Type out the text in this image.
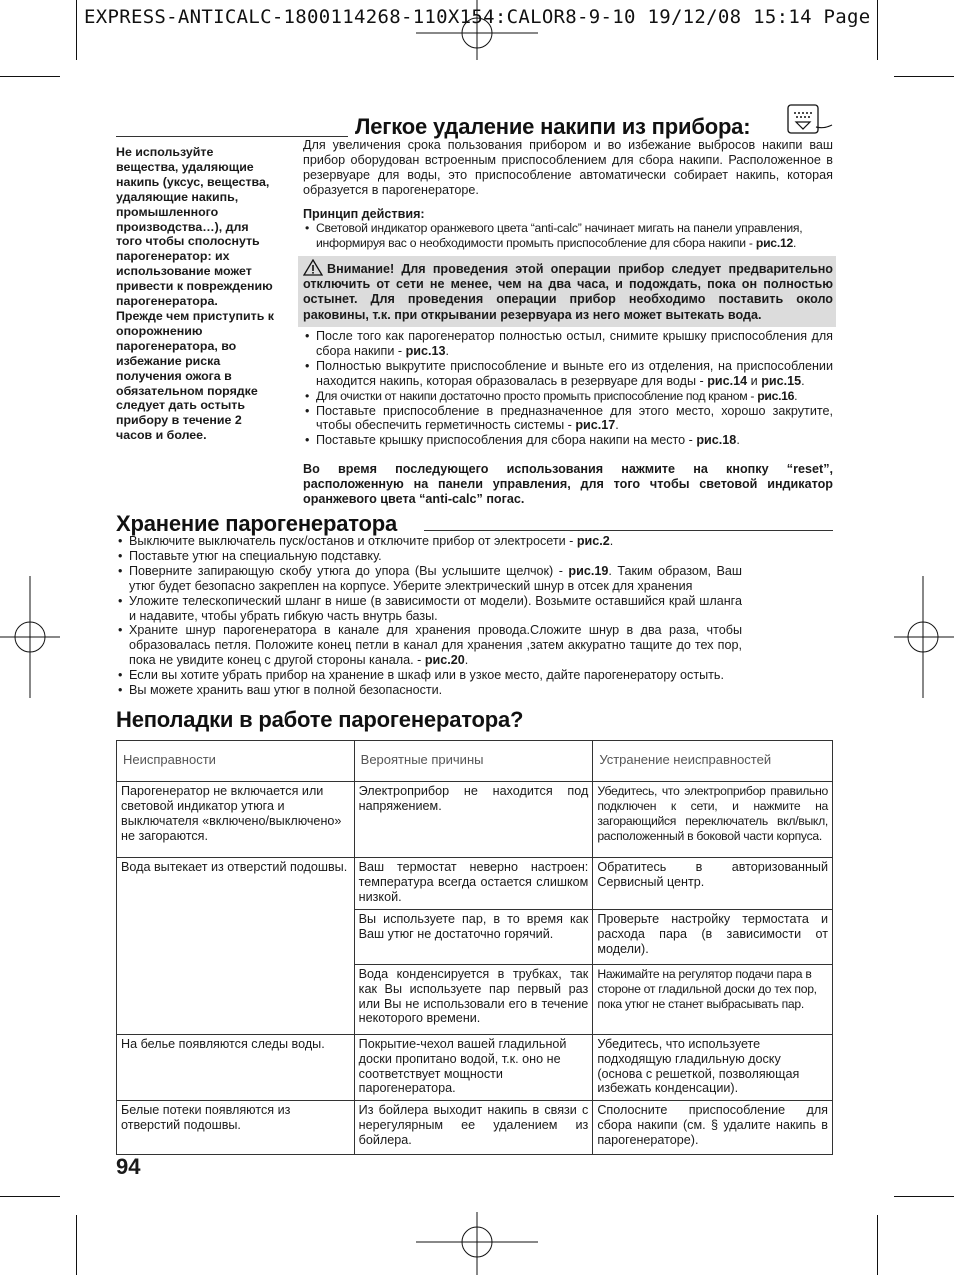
EXPRESS-ANTICALC-1800114268-110X154:CALOR8-9-10 19/12/08 15:14 Page
Не используйте
вещества, удаляющие
накипь (уксус, вещества,
удаляющие накипь,
промышленного
производства…), для
того чтобы сполоснуть
парогенератор: их
использование может
привести к повреждению
парогенератора.
Прежде чем приступить к
опорожнению
парогенератора, во
избежание риска
получения ожога в
обязательном порядке
следует дать остыть
прибору в течение 2
часов и более.
Легкое удаление накипи из прибора:
Для увеличения срока пользования прибором и во избежание выбросов накипи ваш прибор оборудован встроенным приспособлением для сбора накипи. Расположенное в резервуаре для воды, это приспособление автоматически собирает накипь, которая образуется в парогенераторе.
Принцип действия:
• Световой индикатор оранжевого цвета “anti-calc” начинает мигать на панели управления, информируя вас о необходимости промыть приспособление для сбора накипи - рис.12.
Внимание! Для проведения этой операции прибор следует предварительно отключить от сети не менее, чем на два часа, и подождать, пока он полностью остынет. Для проведения операции прибор необходимо поставить около раковины, т.к. при открывании резервуара из него может вытекать вода.
• После того как парогенератор полностью остыл, снимите крышку приспособления для сбора накипи - рис.13.
• Полностью выкрутите приспособление и выньте его из отделения, на приспособлении находится накипь, которая образовалась в резервуаре для воды - рис.14 и рис.15.
• Для очистки от накипи достаточно просто промыть приспособление под краном - рис.16.
• Поставьте приспособление в предназначенное для этого место, хорошо закрутите, чтобы обеспечить герметичность системы - рис.17.
• Поставьте крышку приспособления для сбора накипи на место - рис.18.
Во время последующего использования нажмите на кнопку “reset”, расположенную на панели управления, для того чтобы световой индикатор оранжевого цвета “anti-calc” погас.
Хранение парогенератора
• Выключите выключатель пуск/останов и отключите прибор от электросети - рис.2.
• Поставьте утюг на специальную подставку.
• Поверните запирающую скобу утюга до упора (Вы услышите щелчок) - рис.19. Таким образом, Ваш утюг будет безопасно закреплен на корпусе. Уберите электрический шнур в отсек для хранения
• Уложите телескопический шланг в нише (в зависимости от модели). Возьмите оставшийся край шланга и надавите, чтобы убрать гибкую часть внутрь базы.
• Храните шнур парогенератора в канале для хранения провода.Сложите шнур в два раза, чтобы образовалась петля. Положите конец петли в канал для хранения ,затем аккуратно тащите до тех пор, пока не увидите конец с другой стороны канала. - рис.20.
• Если вы хотите убрать прибор на хранение в шкаф или в узкое место, дайте парогенератору остыть.
• Вы можете хранить ваш утюг в полной безопасности.
Неполадки в работе парогенератора?
Неисправности	Вероятные причины	Устранение неисправностей
Парогенератор не включается или световой индикатор утюга и выключателя «включено/выключено» не загораются.	Электроприбор не находится под напряжением.	Убедитесь, что электроприбор правильно подключен к сети, и нажмите на загорающийся переключатель вкл/выкл, расположенный в боковой части корпуса.
Вода вытекает из отверстий подошвы.	Ваш термостат неверно настроен: температура всегда остается слишком низкой.	Обратитесь в авторизованный Сервисный центр.
	Вы используете пар, в то время как Ваш утюг не достаточно горячий.	Проверьте настройку термостата и расхода пара (в зависимости от модели).
	Вода конденсируется в трубках, так как Вы используете пар первый раз или Вы не использовали его в течение некоторого времени.	Нажимайте на регулятор подачи пара в стороне от гладильной доски до тех пор, пока утюг не станет выбрасывать пар.
На белье появляются следы воды.	Покрытие-чехол вашей гладильной доски пропитано водой, т.к. оно не соответствует мощности парогенератора.	Убедитесь, что используете подходящую гладильную доску (основа с решеткой, позволяющая избежать конденсации).
Белые потеки появляются из отверстий подошвы.	Из бойлера выходит накипь в связи с нерегулярным ее удалением из бойлера.	Сполосните приспособление для сбора накипи (см. § удалите накипь в парогенераторе).
94
